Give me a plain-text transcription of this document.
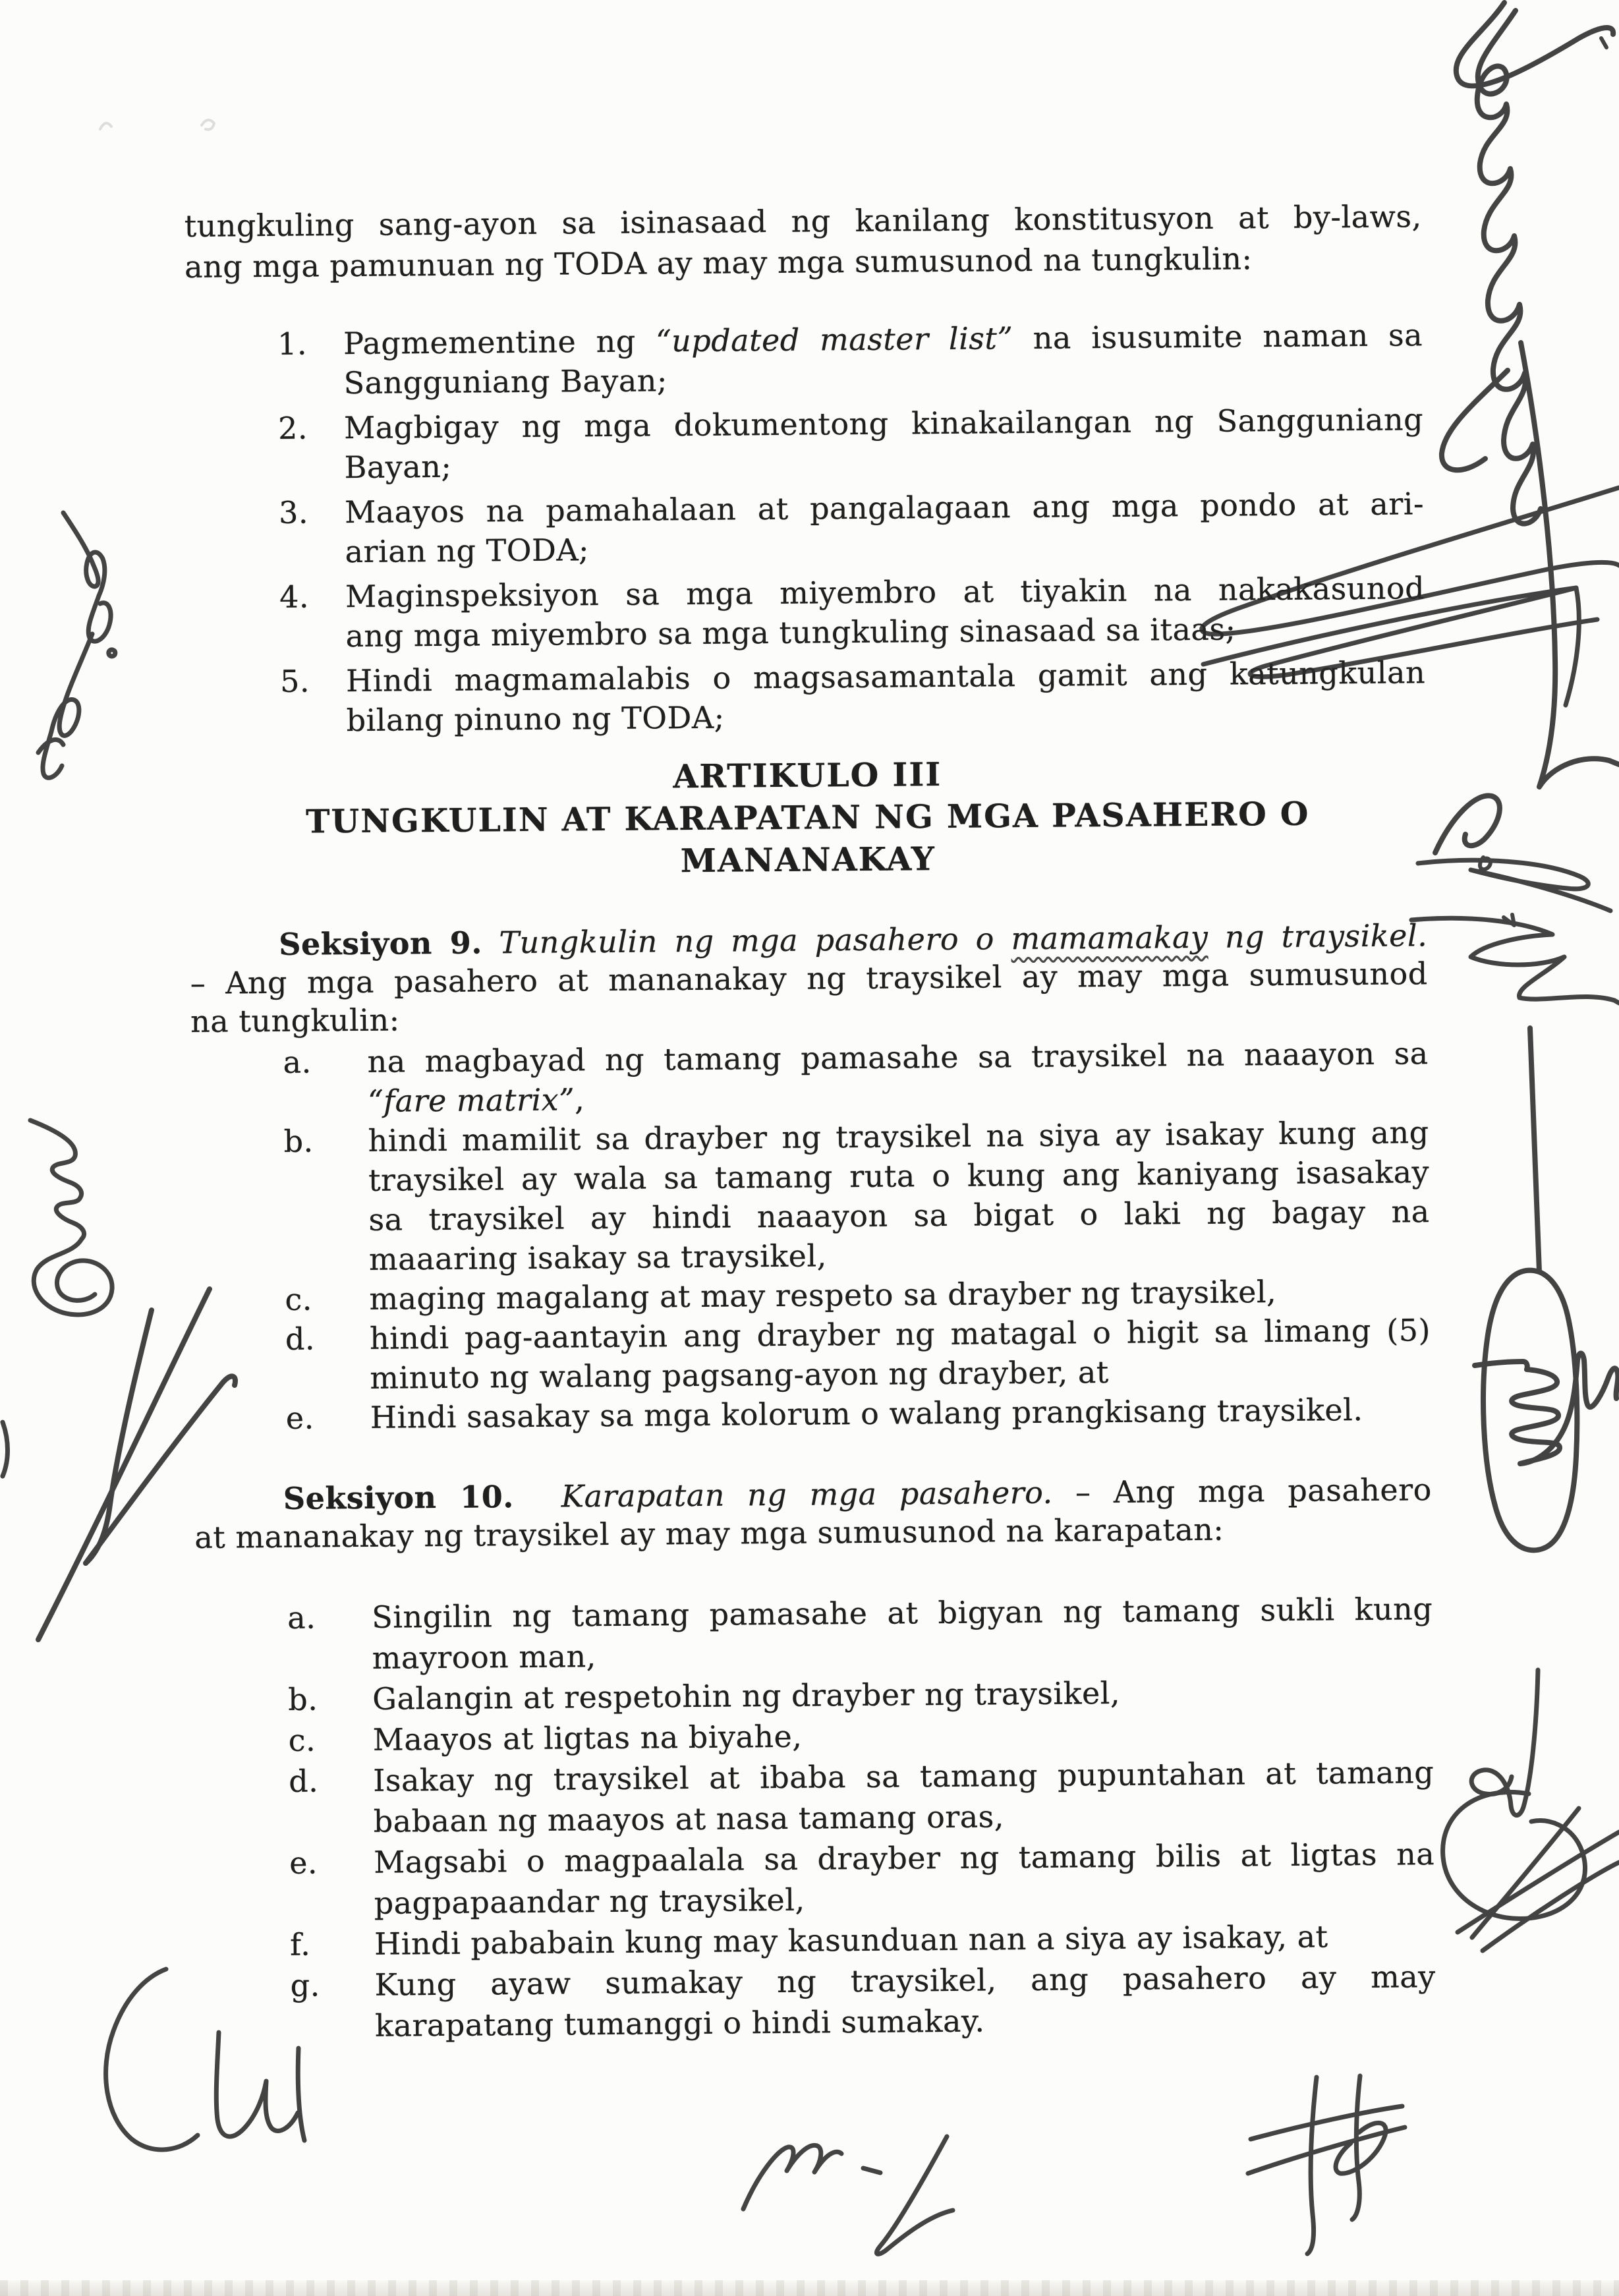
tungkuling sang-ayon sa isinasaad ng kanilang konstitusyon at by-laws,
ang mga pamunuan ng TODA ay may mga sumusunod na tungkulin:
1.	Pagmementine ng “updated master list” na isusumite naman sa
Sangguniang Bayan;
2.	Magbigay ng mga dokumentong kinakailangan ng Sangguniang
Bayan;
3.	Maayos na pamahalaan at pangalagaan ang mga pondo at ari-
arian ng TODA;
4.	Maginspeksiyon sa mga miyembro at tiyakin na nakakasunod
ang mga miyembro sa mga tungkuling sinasaad sa itaas;
5.	Hindi magmamalabis o magsasamantala gamit ang katungkulan
bilang pinuno ng TODA;
ARTIKULO III
TUNGKULIN AT KARAPATAN NG MGA PASAHERO O
MANANAKAY
Seksiyon 9. Tungkulin ng mga pasahero o mamamakay ng traysikel.
– Ang mga pasahero at mananakay ng traysikel ay may mga sumusunod
na tungkulin:
a.	na magbayad ng tamang pamasahe sa traysikel na naaayon sa
“fare matrix”,
b.	hindi mamilit sa drayber ng traysikel na siya ay isakay kung ang
traysikel ay wala sa tamang ruta o kung ang kaniyang isasakay
sa traysikel ay hindi naaayon sa bigat o laki ng bagay na
maaaring isakay sa traysikel,
c.	maging magalang at may respeto sa drayber ng traysikel,
d.	hindi pag-aantayin ang drayber ng matagal o higit sa limang (5)
minuto ng walang pagsang-ayon ng drayber, at
e.	Hindi sasakay sa mga kolorum o walang prangkisang traysikel.
Seksiyon 10. Karapatan ng mga pasahero. – Ang mga pasahero
at mananakay ng traysikel ay may mga sumusunod na karapatan:
a.	Singilin ng tamang pamasahe at bigyan ng tamang sukli kung
mayroon man,
b.	Galangin at respetohin ng drayber ng traysikel,
c.	Maayos at ligtas na biyahe,
d.	Isakay ng traysikel at ibaba sa tamang pupuntahan at tamang
babaan ng maayos at nasa tamang oras,
e.	Magsabi o magpaalala sa drayber ng tamang bilis at ligtas na
pagpapaandar ng traysikel,
f.	Hindi pababain kung may kasunduan nan a siya ay isakay, at
g.	Kung ayaw sumakay ng traysikel, ang pasahero ay may
karapatang tumanggi o hindi sumakay.
